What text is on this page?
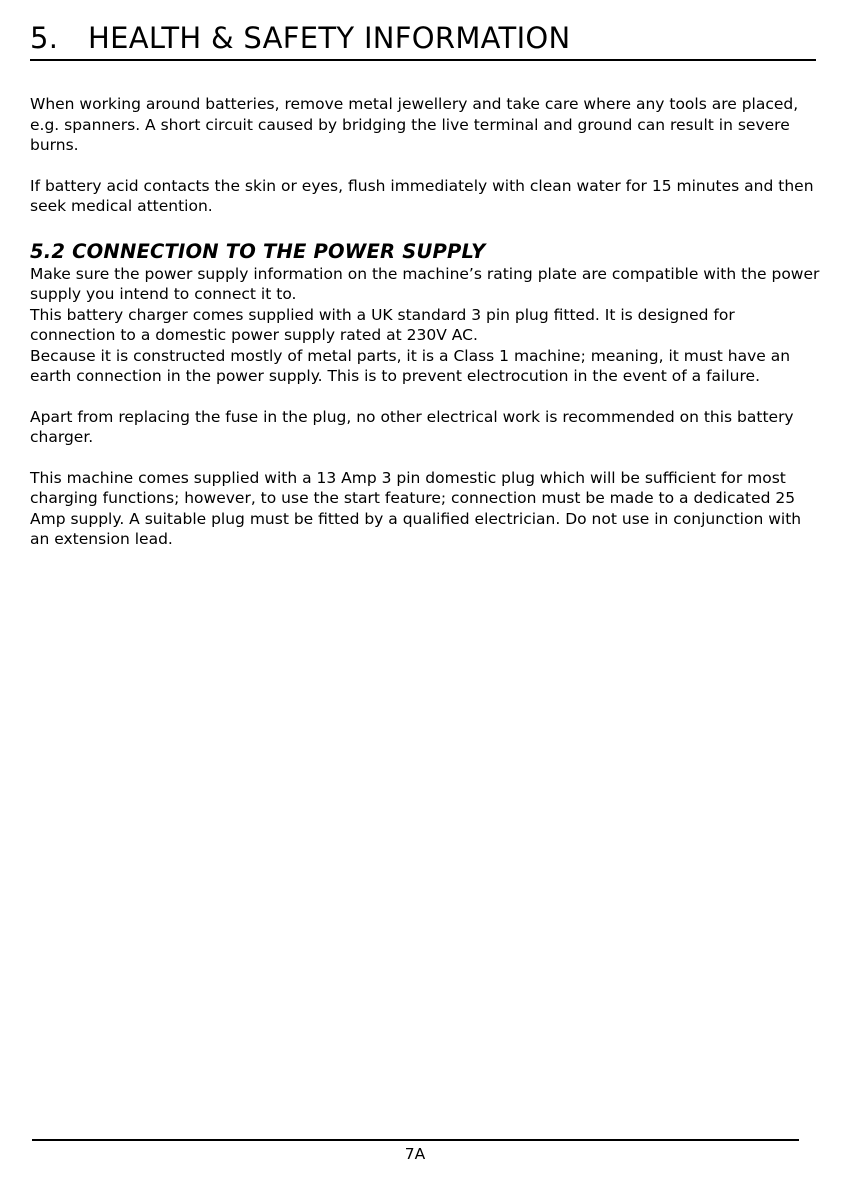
5. HEALTH & SAFETY INFORMATION

When working around batteries, remove metal jewellery and take care where any tools are placed, e.g. spanners. A short circuit caused by bridging the live terminal and ground can result in severe burns.

If battery acid contacts the skin or eyes, flush immediately with clean water for 15 minutes and then seek medical attention.

5.2 CONNECTION TO THE POWER SUPPLY

Make sure the power supply information on the machine’s rating plate are compatible with the power supply you intend to connect it to.

This battery charger comes supplied with a UK standard 3 pin plug fitted. It is designed for connection to a domestic power supply rated at 230V AC.

Because it is constructed mostly of metal parts, it is a Class 1 machine; meaning, it must have an earth connection in the power supply. This is to prevent electrocution in the event of a failure.

Apart from replacing the fuse in the plug, no other electrical work is recommended on this battery charger.

This machine comes supplied with a 13 Amp 3 pin domestic plug which will be sufficient for most charging functions; however, to use the start feature; connection must be made to a dedicated 25 Amp supply. A suitable plug must be fitted by a qualified electrician. Do not use in conjunction with an extension lead.

7A
